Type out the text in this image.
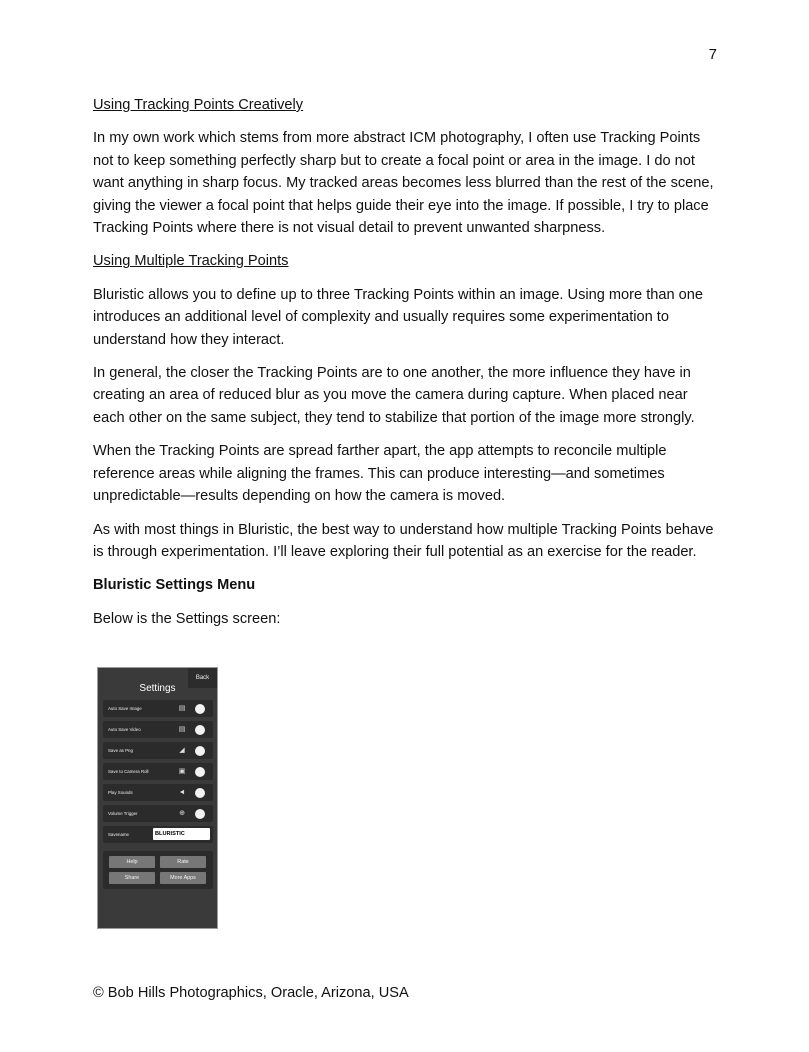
7

Using Tracking Points Creatively

In my own work which stems from more abstract ICM photography, I often use Tracking Points not to keep something perfectly sharp but to create a focal point or area in the image. I do not want anything in sharp focus. My tracked areas becomes less blurred than the rest of the scene, giving the viewer a focal point that helps guide their eye into the image. If possible, I try to place Tracking Points where there is not visual detail to prevent unwanted sharpness.

Using Multiple Tracking Points

Bluristic allows you to define up to three Tracking Points within an image. Using more than one introduces an additional level of complexity and usually requires some experimentation to understand how they interact.

In general, the closer the Tracking Points are to one another, the more influence they have in creating an area of reduced blur as you move the camera during capture. When placed near each other on the same subject, they tend to stabilize that portion of the image more strongly.

When the Tracking Points are spread farther apart, the app attempts to reconcile multiple reference areas while aligning the frames. This can produce interesting—and sometimes unpredictable—results depending on how the camera is moved.

As with most things in Bluristic, the best way to understand how multiple Tracking Points behave is through experimentation. I’ll leave exploring their full potential as an exercise for the reader.

Bluristic Settings Menu

Below is the Settings screen:

Back
Settings
Auto Save Image	▤
Auto Save Video	▤
Save as Png	◢
Save to Camera Roll	▣
Play Sounds	◄
Volume Trigger	⊕
Savename	BLURISTIC
Help	Rate
Share	More Apps
© Bob Hills Photographics, Oracle, Arizona, USA
